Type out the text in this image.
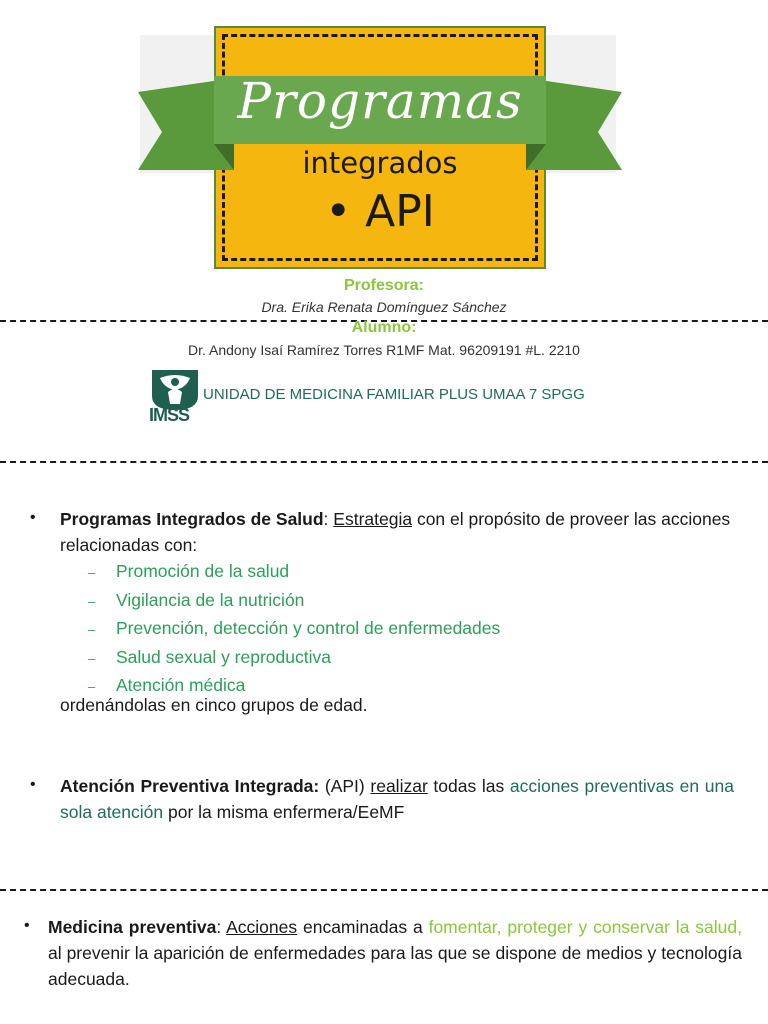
Programas
integrados
• API
Profesora:
Dra. Erika Renata Domínguez Sánchez
Alumno:
Dr. Andony Isaí Ramírez Torres R1MF Mat. 96209191 #L. 2210
IMSS
UNIDAD DE MEDICINA FAMILIAR PLUS UMAA 7 SPGG
• Programas Integrados de Salud: Estrategia con el propósito de proveer las acciones relacionadas con:
– Promoción de la salud
– Vigilancia de la nutrición
– Prevención, detección y control de enfermedades
– Salud sexual y reproductiva
– Atención médica
ordenándolas en cinco grupos de edad.
• Atención Preventiva Integrada: (API) realizar todas las acciones preventivas en una sola atención por la misma enfermera/EeMF
• Medicina preventiva: Acciones encaminadas a fomentar, proteger y conservar la salud, al prevenir la aparición de enfermedades para las que se dispone de medios y tecnología adecuada.
